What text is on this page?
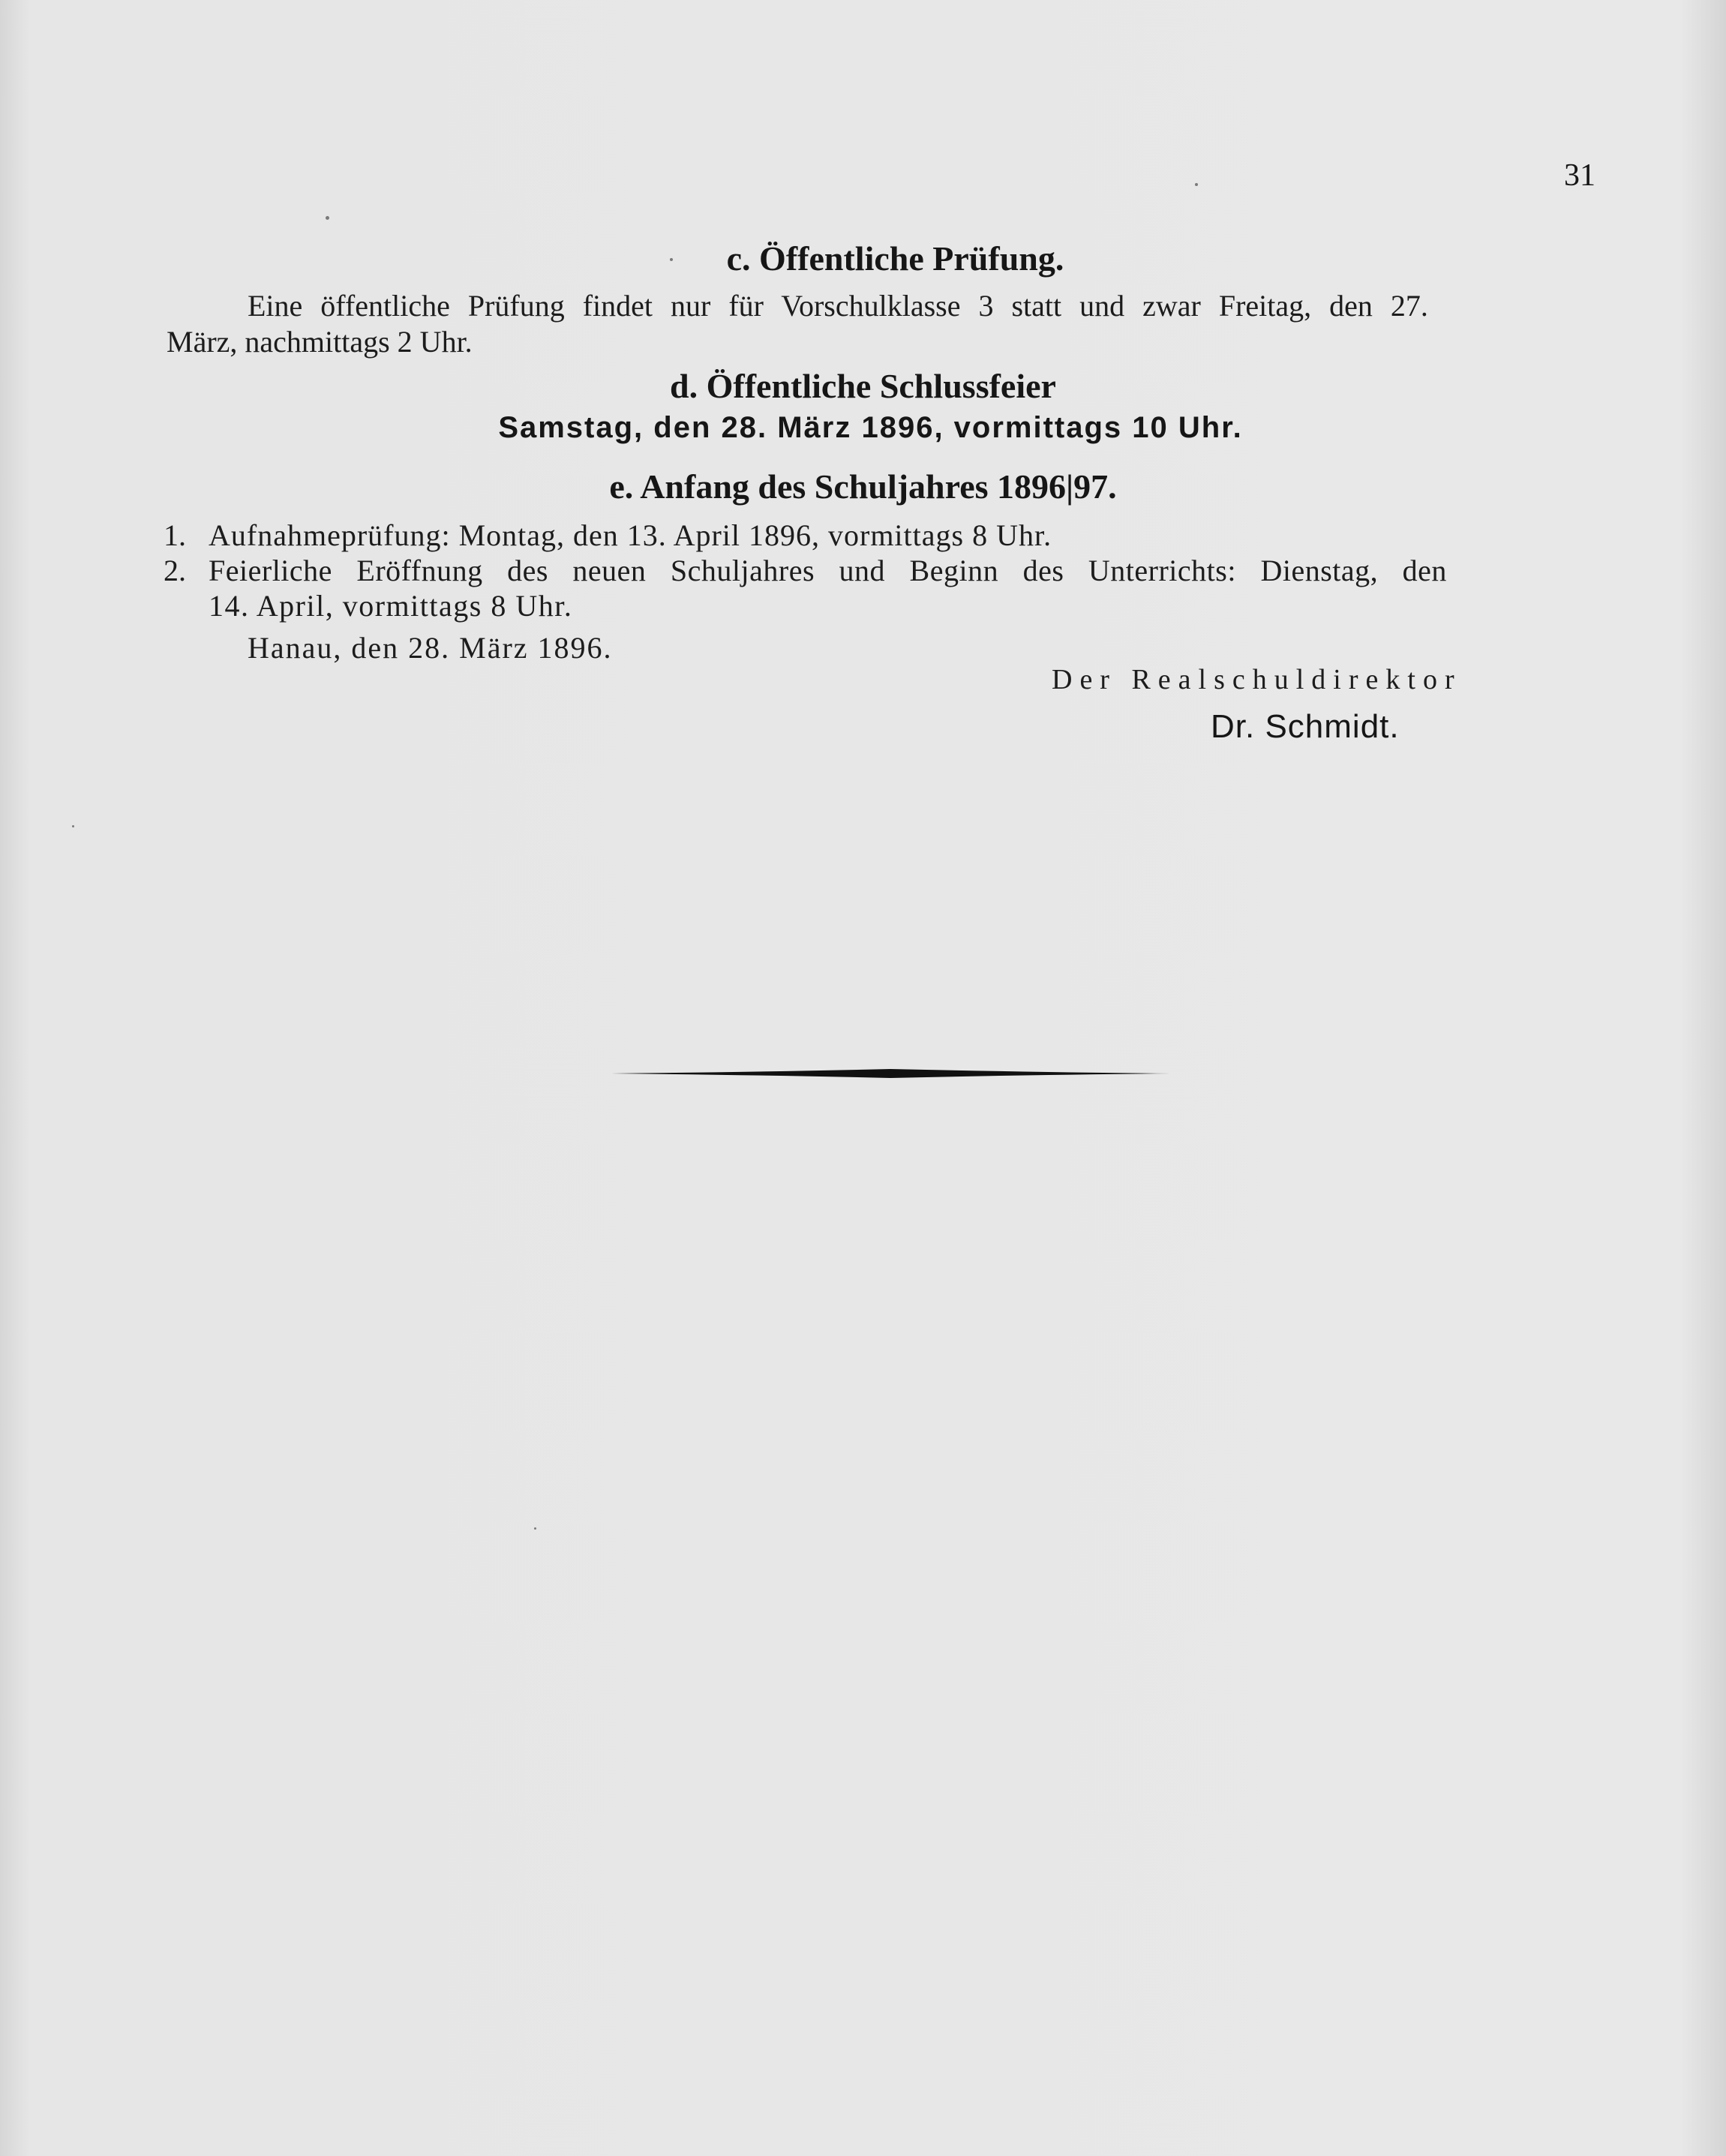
31
c. Öffentliche Prüfung.
Eine öffentliche Prüfung findet nur für Vorschulklasse 3 statt und zwar Freitag, den 27.
März, nachmittags 2 Uhr.
d. Öffentliche Schlussfeier
Samstag, den 28. März 1896, vormittags 10 Uhr.
e. Anfang des Schuljahres 1896|97.
1. Aufnahmeprüfung: Montag, den 13. April 1896, vormittags 8 Uhr.
2. Feierliche Eröffnung des neuen Schuljahres und Beginn des Unterrichts: Dienstag, den
14. April, vormittags 8 Uhr.
Hanau, den 28. März 1896.
Der Realschuldirektor
Dr. Schmidt.
